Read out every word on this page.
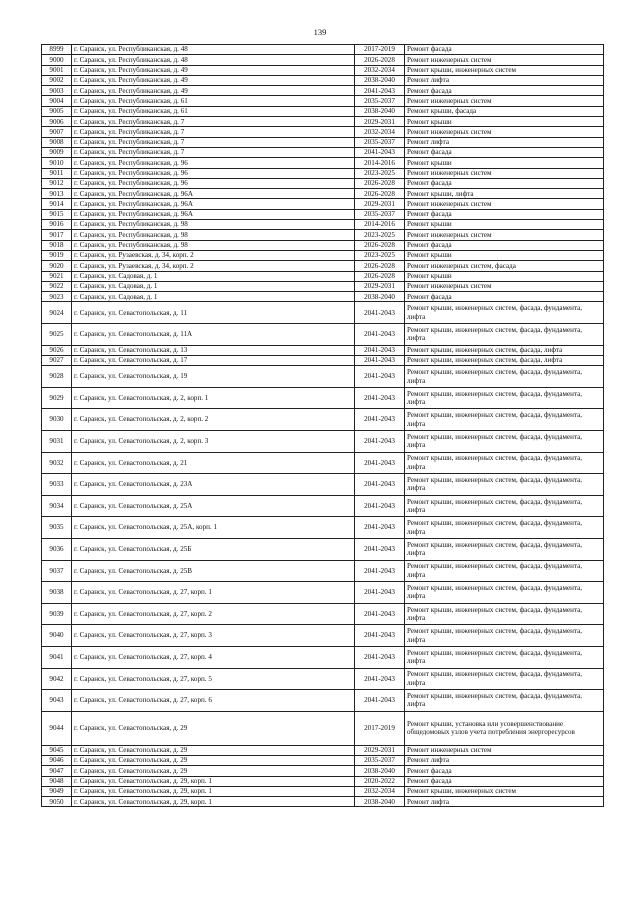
139
8999	г. Саранск, ул. Республиканская, д. 48	2017-2019	Ремонт фасада
9000	г. Саранск, ул. Республиканская, д. 48	2026-2028	Ремонт инженерных систем
9001	г. Саранск, ул. Республиканская, д. 49	2032-2034	Ремонт крыши, инженерных систем
9002	г. Саранск, ул. Республиканская, д. 49	2038-2040	Ремонт лифта
9003	г. Саранск, ул. Республиканская, д. 49	2041-2043	Ремонт фасада
9004	г. Саранск, ул. Республиканская, д. 61	2035-2037	Ремонт инженерных систем
9005	г. Саранск, ул. Республиканская, д. 61	2038-2040	Ремонт крыши, фасада
9006	г. Саранск, ул. Республиканская, д. 7	2029-2031	Ремонт крыши
9007	г. Саранск, ул. Республиканская, д. 7	2032-2034	Ремонт инженерных систем
9008	г. Саранск, ул. Республиканская, д. 7	2035-2037	Ремонт лифта
9009	г. Саранск, ул. Республиканская, д. 7	2041-2043	Ремонт фасада
9010	г. Саранск, ул. Республиканская, д. 96	2014-2016	Ремонт крыши
9011	г. Саранск, ул. Республиканская, д. 96	2023-2025	Ремонт инженерных систем
9012	г. Саранск, ул. Республиканская, д. 96	2026-2028	Ремонт фасада
9013	г. Саранск, ул. Республиканская, д. 96А	2026-2028	Ремонт крыши, лифта
9014	г. Саранск, ул. Республиканская, д. 96А	2029-2031	Ремонт инженерных систем
9015	г. Саранск, ул. Республиканская, д. 96А	2035-2037	Ремонт фасада
9016	г. Саранск, ул. Республиканская, д. 98	2014-2016	Ремонт крыши
9017	г. Саранск, ул. Республиканская, д. 98	2023-2025	Ремонт инженерных систем
9018	г. Саранск, ул. Республиканская, д. 98	2026-2028	Ремонт фасада
9019	г. Саранск, ул. Рузаевская, д. 34, корп. 2	2023-2025	Ремонт крыши
9020	г. Саранск, ул. Рузаевская, д. 34, корп. 2	2026-2028	Ремонт инженерных систем, фасада
9021	г. Саранск, ул. Садовая, д. 1	2026-2028	Ремонт крыши
9022	г. Саранск, ул. Садовая, д. 1	2029-2031	Ремонт инженерных систем
9023	г. Саранск, ул. Садовая, д. 1	2038-2040	Ремонт фасада
9024	г. Саранск, ул. Севастопольская, д. 11	2041-2043	Ремонт крыши, инженерных систем, фасада, фундамента, лифта
9025	г. Саранск, ул. Севастопольская, д. 11А	2041-2043	Ремонт крыши, инженерных систем, фасада, фундамента, лифта
9026	г. Саранск, ул. Севастопольская, д. 13	2041-2043	Ремонт крыши, инженерных систем, фасада, лифта
9027	г. Саранск, ул. Севастопольская, д. 17	2041-2043	Ремонт крыши, инженерных систем, фасада, лифта
9028	г. Саранск, ул. Севастопольская, д. 19	2041-2043	Ремонт крыши, инженерных систем, фасада, фундамента, лифта
9029	г. Саранск, ул. Севастопольская, д. 2, корп. 1	2041-2043	Ремонт крыши, инженерных систем, фасада, фундамента, лифта
9030	г. Саранск, ул. Севастопольская, д. 2, корп. 2	2041-2043	Ремонт крыши, инженерных систем, фасада, фундамента, лифта
9031	г. Саранск, ул. Севастопольская, д. 2, корп. 3	2041-2043	Ремонт крыши, инженерных систем, фасада, фундамента, лифта
9032	г. Саранск, ул. Севастопольская, д. 21	2041-2043	Ремонт крыши, инженерных систем, фасада, фундамента, лифта
9033	г. Саранск, ул. Севастопольская, д. 23А	2041-2043	Ремонт крыши, инженерных систем, фасада, фундамента, лифта
9034	г. Саранск, ул. Севастопольская, д. 25А	2041-2043	Ремонт крыши, инженерных систем, фасада, фундамента, лифта
9035	г. Саранск, ул. Севастопольская, д. 25А, корп. 1	2041-2043	Ремонт крыши, инженерных систем, фасада, фундамента, лифта
9036	г. Саранск, ул. Севастопольская, д. 25Б	2041-2043	Ремонт крыши, инженерных систем, фасада, фундамента, лифта
9037	г. Саранск, ул. Севастопольская, д. 25В	2041-2043	Ремонт крыши, инженерных систем, фасада, фундамента, лифта
9038	г. Саранск, ул. Севастопольская, д. 27, корп. 1	2041-2043	Ремонт крыши, инженерных систем, фасада, фундамента, лифта
9039	г. Саранск, ул. Севастопольская, д. 27, корп. 2	2041-2043	Ремонт крыши, инженерных систем, фасада, фундамента, лифта
9040	г. Саранск, ул. Севастопольская, д. 27, корп. 3	2041-2043	Ремонт крыши, инженерных систем, фасада, фундамента, лифта
9041	г. Саранск, ул. Севастопольская, д. 27, корп. 4	2041-2043	Ремонт крыши, инженерных систем, фасада, фундамента, лифта
9042	г. Саранск, ул. Севастопольская, д. 27, корп. 5	2041-2043	Ремонт крыши, инженерных систем, фасада, фундамента, лифта
9043	г. Саранск, ул. Севастопольская, д. 27, корп. 6	2041-2043	Ремонт крыши, инженерных систем, фасада, фундамента, лифта
9044	г. Саранск, ул. Севастопольская, д. 29	2017-2019	Ремонт крыши, установка или усовершенствование общедомовых узлов учета потребления энергоресурсов
9045	г. Саранск, ул. Севастопольская, д. 29	2029-2031	Ремонт инженерных систем
9046	г. Саранск, ул. Севастопольская, д. 29	2035-2037	Ремонт лифта
9047	г. Саранск, ул. Севастопольская, д. 29	2038-2040	Ремонт фасада
9048	г. Саранск, ул. Севастопольская, д. 29, корп. 1	2020-2022	Ремонт фасада
9049	г. Саранск, ул. Севастопольская, д. 29, корп. 1	2032-2034	Ремонт крыши, инженерных систем
9050	г. Саранск, ул. Севастопольская, д. 29, корп. 1	2038-2040	Ремонт лифта
